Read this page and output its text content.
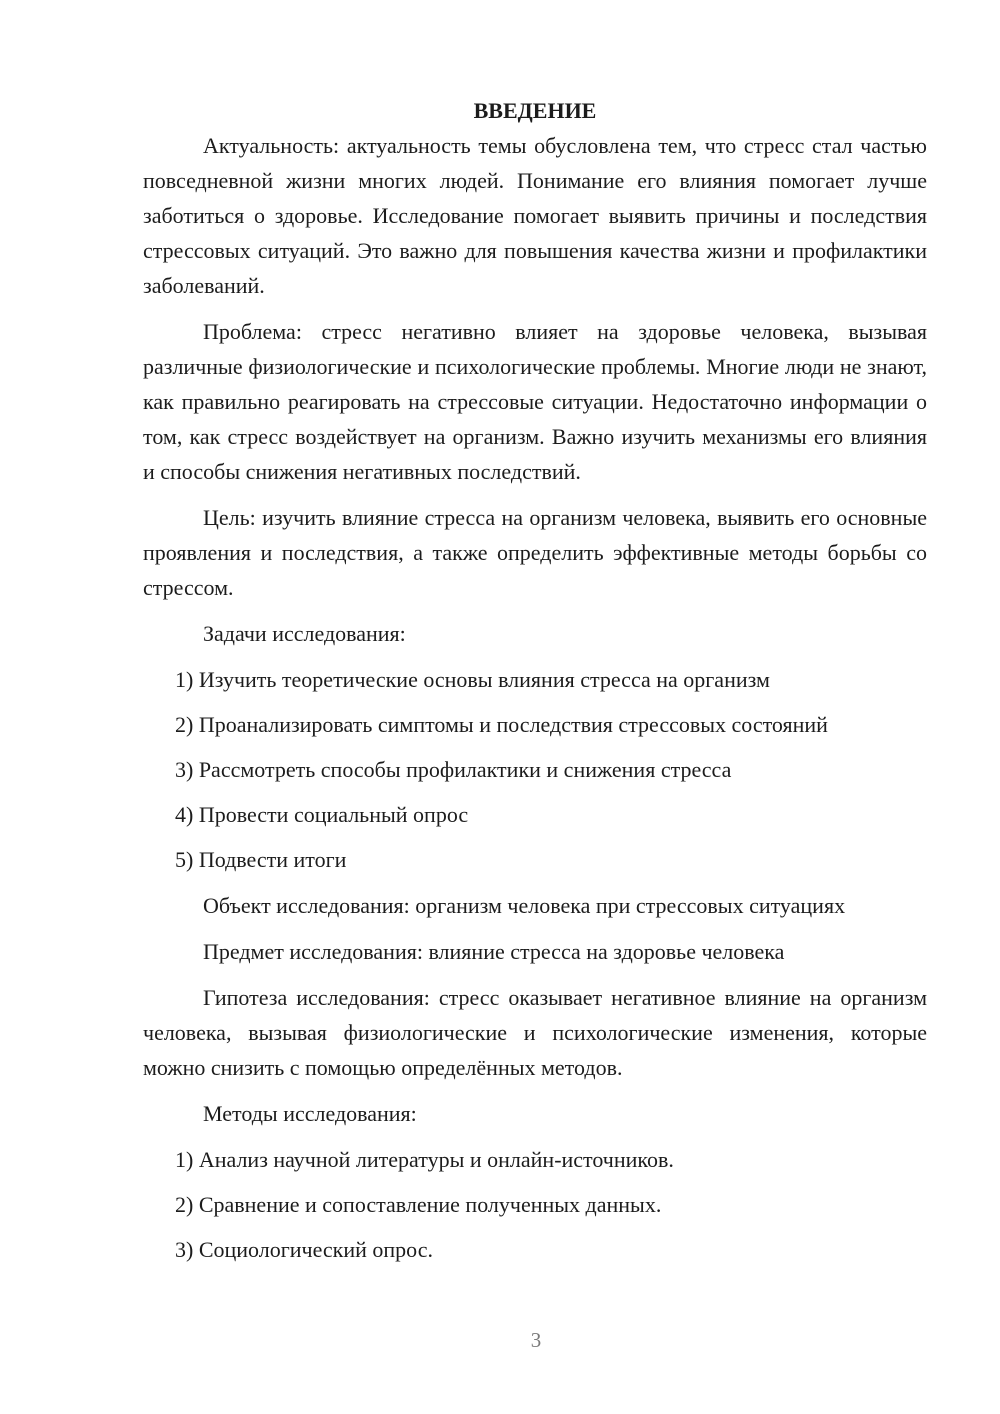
ВВЕДЕНИЕ

Актуальность: актуальность темы обусловлена тем, что стресс стал частью повседневной жизни многих людей. Понимание его влияния помогает лучше заботиться о здоровье. Исследование помогает выявить причины и последствия стрессовых ситуаций. Это важно для повышения качества жизни и профилактики заболеваний.

Проблема: стресс негативно влияет на здоровье человека, вызывая различные физиологические и психологические проблемы. Многие люди не знают, как правильно реагировать на стрессовые ситуации. Недостаточно информации о том, как стресс воздействует на организм. Важно изучить механизмы его влияния и способы снижения негативных последствий.

Цель: изучить влияние стресса на организм человека, выявить его основные проявления и последствия, а также определить эффективные методы борьбы со стрессом.

Задачи исследования:

1) Изучить теоретические основы влияния стресса на организм

2) Проанализировать симптомы и последствия стрессовых состояний

3) Рассмотреть способы профилактики и снижения стресса

4) Провести социальный опрос

5) Подвести итоги

Объект исследования: организм человека при стрессовых ситуациях

Предмет исследования: влияние стресса на здоровье человека

Гипотеза исследования: стресс оказывает негативное влияние на организм человека, вызывая физиологические и психологические изменения, которые можно снизить с помощью определённых методов.

Методы исследования:

1) Анализ научной литературы и онлайн-источников.

2) Сравнение и сопоставление полученных данных.

3) Социологический опрос.

3
